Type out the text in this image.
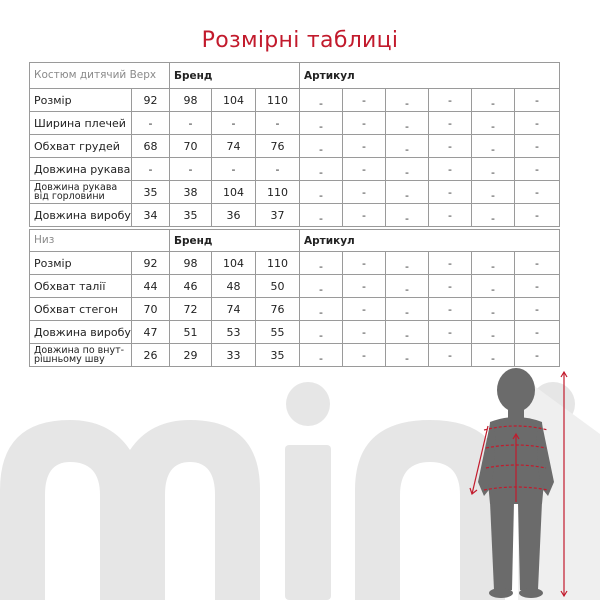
Розмірні таблиці
Костюм дитячий Верх		Бренд			Артикул					
Розмір	92	98	104	110	-	-	-	-	-	-
Ширина плечей	-	-	-	-	-	-	-	-	-	-
Обхват грудей	68	70	74	76	-	-	-	-	-	-
Довжина рукава	-	-	-	-	-	-	-	-	-	-
Довжина рукава від горловини	35	38	104	110	-	-	-	-	-	-
Довжина виробу	34	35	36	37	-	-	-	-	-	-
Низ		Бренд			Артикул					
Розмір	92	98	104	110	-	-	-	-	-	-
Обхват талії	44	46	48	50	-	-	-	-	-	-
Обхват стегон	70	72	74	76	-	-	-	-	-	-
Довжина виробу	47	51	53	55	-	-	-	-	-	-
Довжина по внут- рішньому шву	26	29	33	35	-	-	-	-	-	-
